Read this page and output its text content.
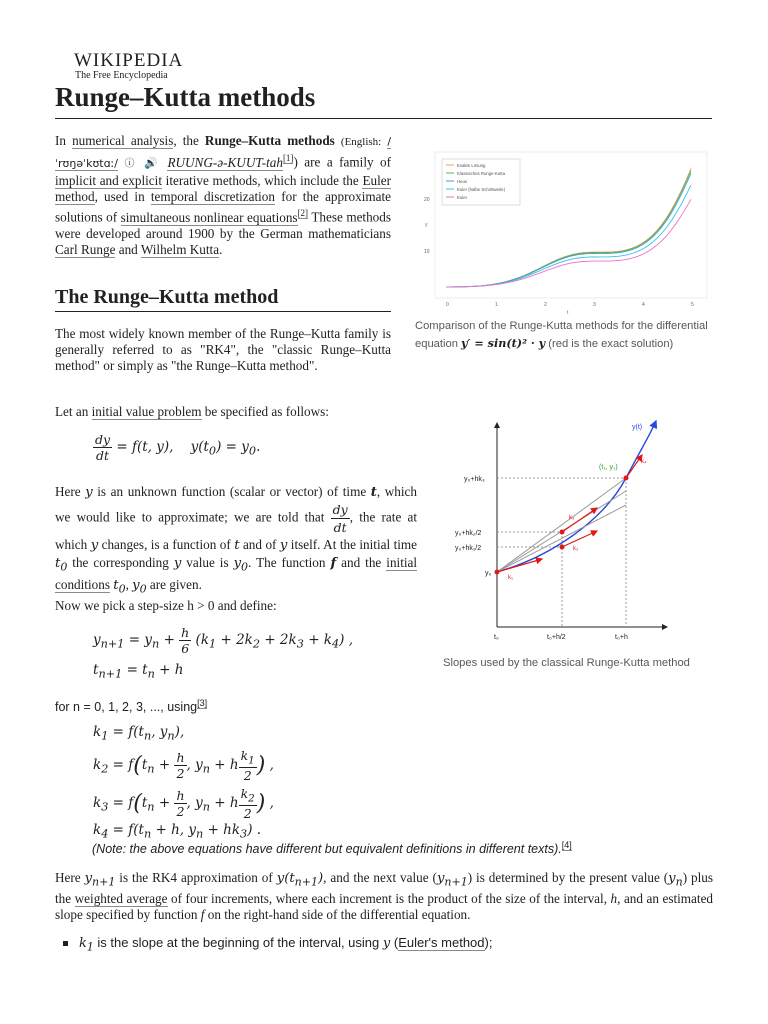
WIKIPEDIA
The Free Encyclopedia
Runge–Kutta methods
In numerical analysis, the Runge–Kutta methods (English: /ˈrʊŋəˈkʊtɑː/ ⓘ 🔊 RUUNG-ə-KUUT-tah[1]) are a family of implicit and explicit iterative methods, which include the Euler method, used in temporal discretization for the approximate solutions of simultaneous nonlinear equations[2] These methods were developed around 1900 by the German mathematicians Carl Runge and Wilhelm Kutta.
The Runge–Kutta method
The most widely known member of the Runge–Kutta family is generally referred to as "RK4", the "classic Runge–Kutta method" or simply as "the Runge–Kutta method".
Let an initial value problem be specified as follows:
$\frac{dy}{dt} = f(t$, y),    $y(t_0) = y_0$.
Here y is an unknown function (scalar or vector) of time t, which we would like to approximate; we are told that $\frac{dy}{dt}$ , the rate at which y changes, is a function of t and of y itself. At the initial time $t_0$ the corresponding y value is $y_0$. The function f and the initial conditions $t_0$, $y_0$ are given.
Now we pick a step-size h > 0 and define:
$y_{n+1} = y_n + \frac{h}{6} (k_1 + 2k_2 + 2k_3 + k_4)$ ,
$t_{n+1} = t_n + h$
for n = 0, 1, 2, 3, ..., using[3]
$k_1 = f(t_n$, $y_n$),
$k_2 = f(t_n + \frac{h}{2}$ , $y_n + h \frac{k_1}{2}$ ) ,
$k_3 = f(t_n + \frac{h}{2}$ , $y_n + h \frac{k_2}{2}$ ) ,
$k_4 = f(t_n + h$, $y_n + hk_3$) .
(Note: the above equations have different but equivalent definitions in different texts).[4]
Here $y_{n+1}$ is the RK4 approximation of $y(t_{n+1})$, and the next value $(y_{n+1})$ is determined by the present value $(y_n)$ plus the weighted average of four increments, where each increment is the product of the size of the interval, h, and an estimated slope specified by function f on the right-hand side of the differential equation.
$k_1$ is the slope at the beginning of the interval, using y (Euler's method);
Exakte Lösung
Klassisches Runge-Kutta
Heun
Euler (halbe Schrittweite)
Euler
y
t
20
10
0	1	2	3	4	5
Comparison of the Runge-Kutta methods for the differential equation y′ = sin(t)² · y (red is the exact solution)
y(t)
(t₁, y₁)
y₀
y₀+hk₃
y₀+hk₂/2
y₀+hk₁/2
t₀	t₀+h/2	t₀+h
k₁
k₂
k₃
k₄
Slopes used by the classical Runge-Kutta method
